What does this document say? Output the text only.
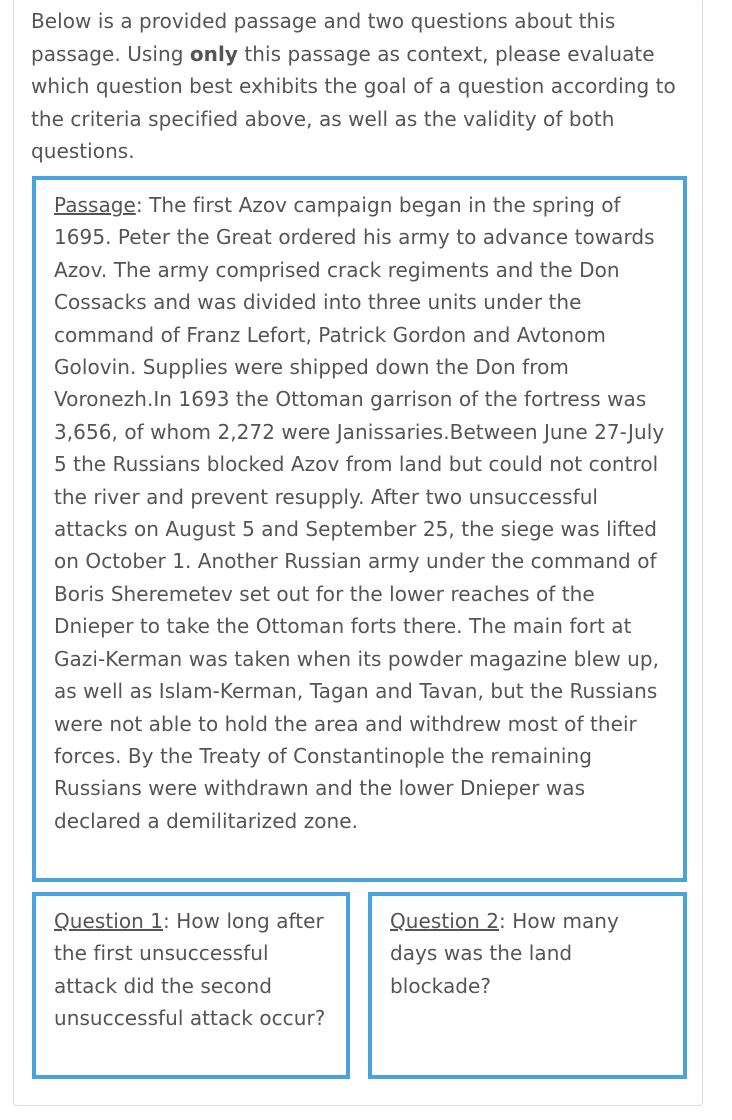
Below is a provided passage and two questions about this passage. Using only this passage as context, please evaluate which question best exhibits the goal of a question according to the criteria specified above, as well as the validity of both questions.

Passage: The first Azov campaign began in the spring of 1695. Peter the Great ordered his army to advance towards Azov. The army comprised crack regiments and the Don Cossacks and was divided into three units under the command of Franz Lefort, Patrick Gordon and Avtonom Golovin. Supplies were shipped down the Don from Voronezh.In 1693 the Ottoman garrison of the fortress was 3,656, of whom 2,272 were Janissaries.Between June 27-July 5 the Russians blocked Azov from land but could not control the river and prevent resupply. After two unsuccessful attacks on August 5 and September 25, the siege was lifted on October 1. Another Russian army under the command of Boris Sheremetev set out for the lower reaches of the Dnieper to take the Ottoman forts there. The main fort at Gazi-Kerman was taken when its powder magazine blew up, as well as Islam-Kerman, Tagan and Tavan, but the Russians were not able to hold the area and withdrew most of their forces. By the Treaty of Constantinople the remaining Russians were withdrawn and the lower Dnieper was declared a demilitarized zone.

Question 1: How long after the first unsuccessful attack did the second unsuccessful attack occur?

Question 2: How many days was the land blockade?
